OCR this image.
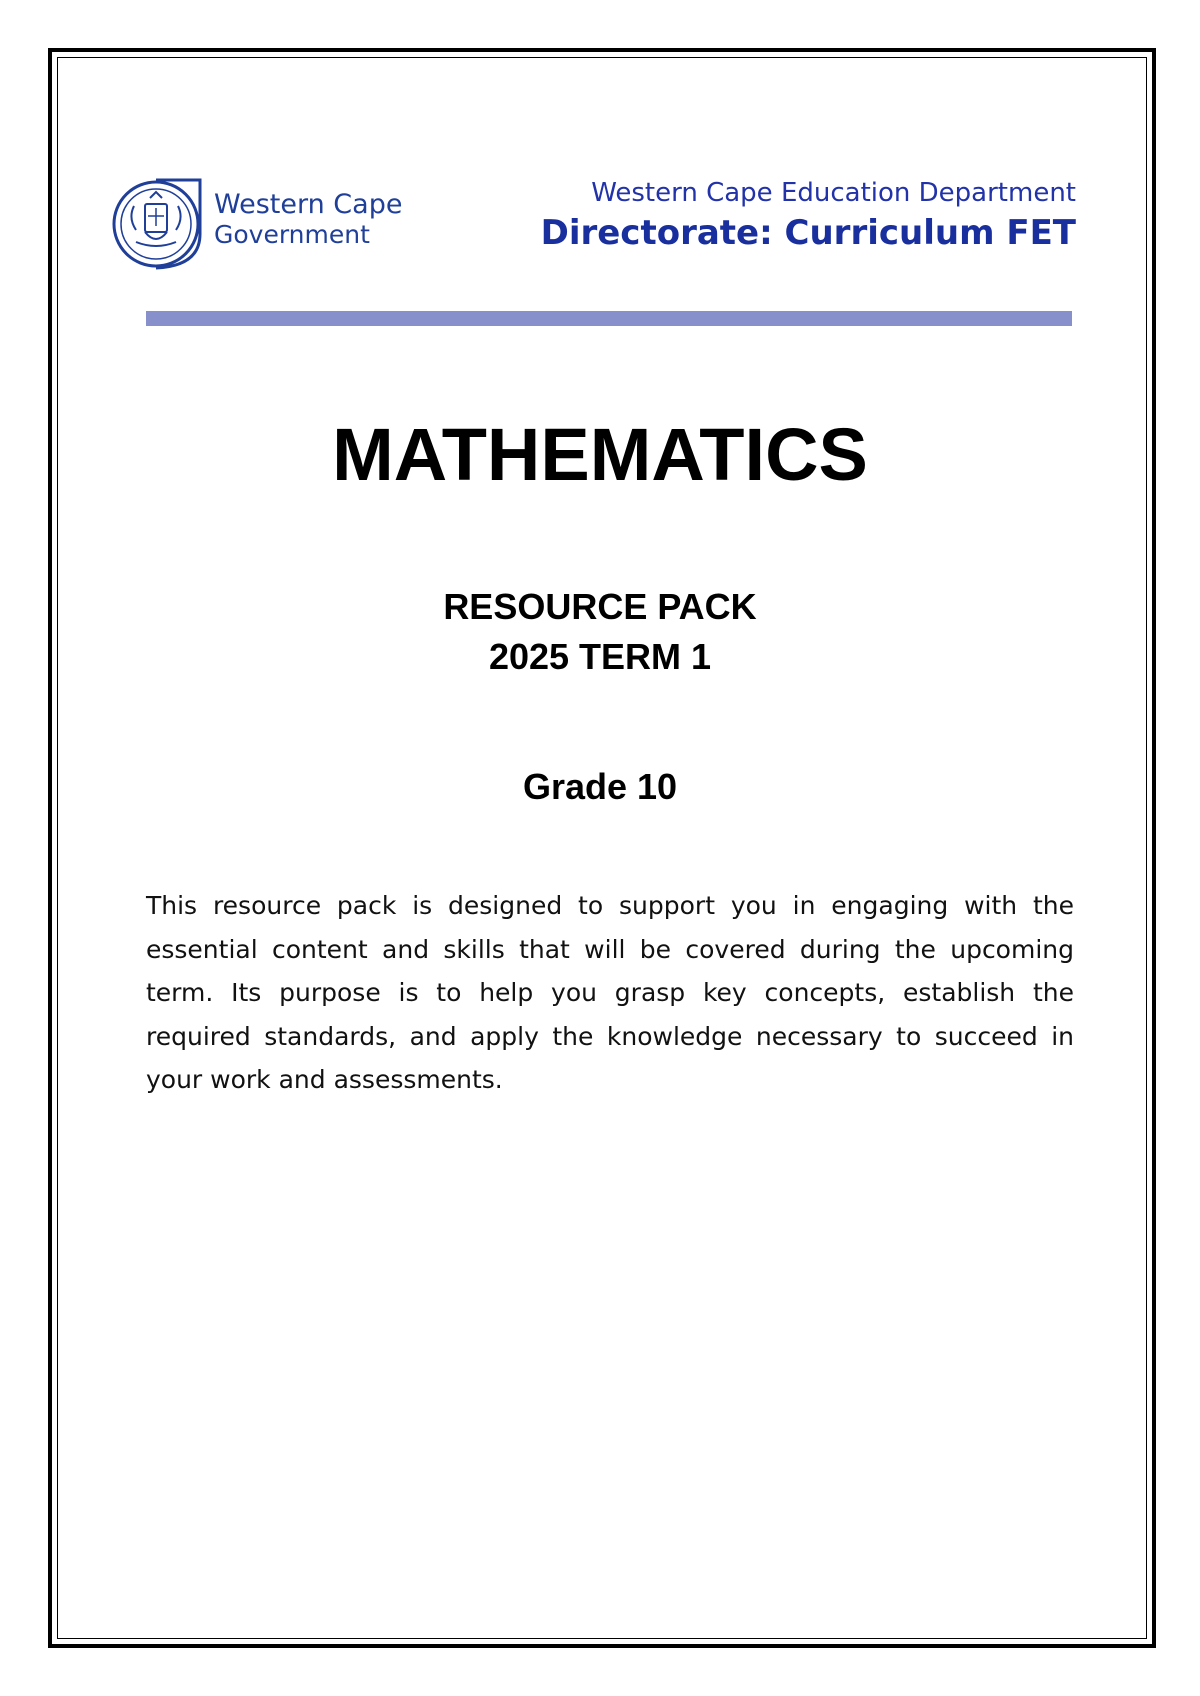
Western Cape
Government
Western Cape Education Department
Directorate: Curriculum FET
MATHEMATICS
RESOURCE PACK
2025 TERM 1
Grade 10

This resource pack is designed to support you in engaging with the essential content and skills that will be covered during the upcoming term. Its purpose is to help you grasp key concepts, establish the required standards, and apply the knowledge necessary to succeed in your work and assessments.
